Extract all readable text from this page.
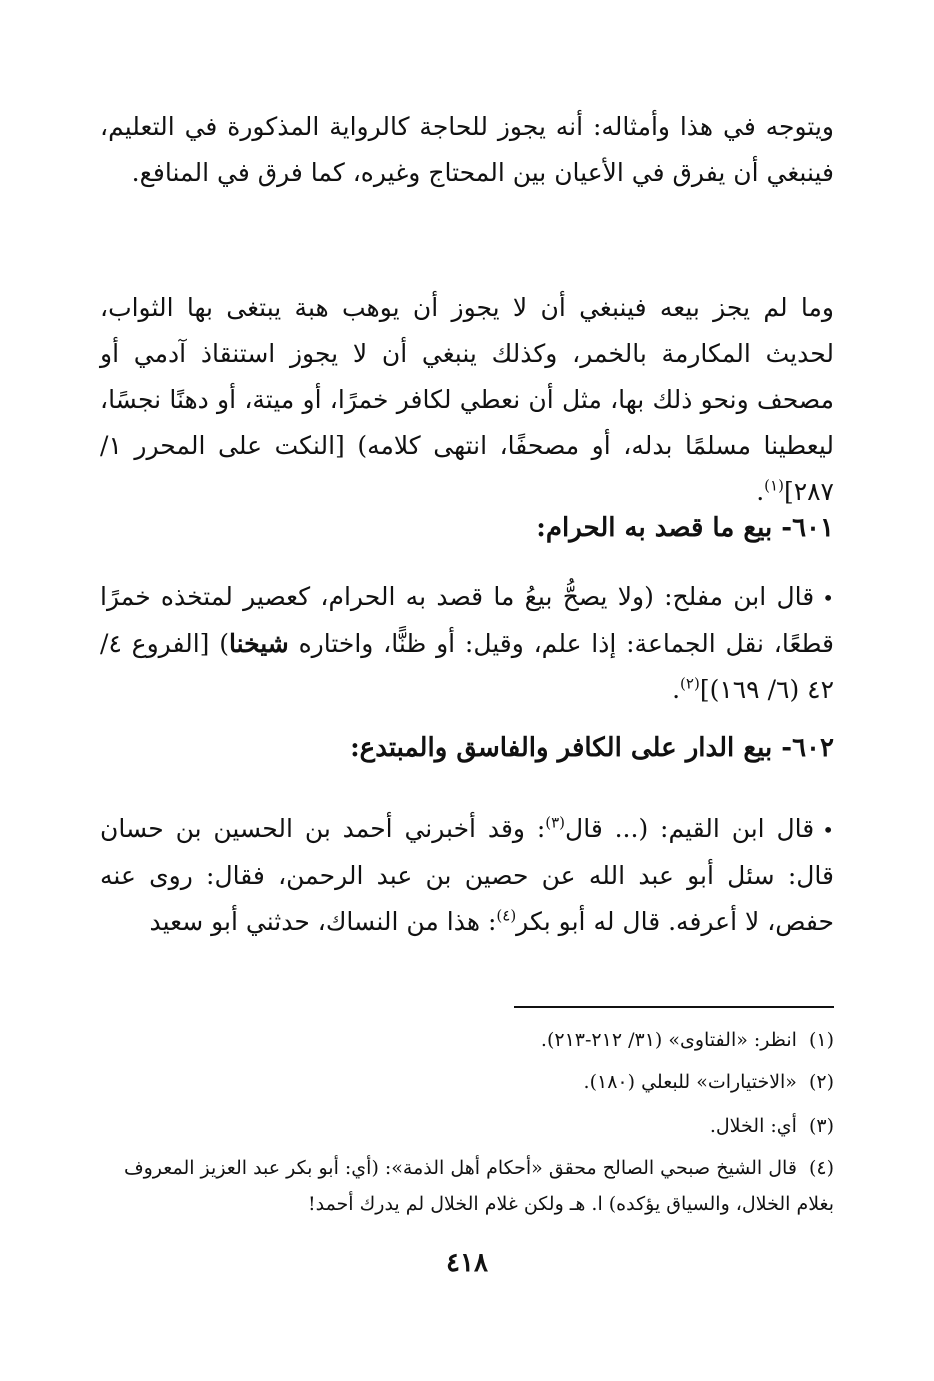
ويتوجه في هذا وأمثاله: أنه يجوز للحاجة كالرواية المذكورة في التعليم، فينبغي أن يفرق في الأعيان بين المحتاج وغيره، كما فرق في المنافع.

وما لم يجز بيعه فينبغي أن لا يجوز أن يوهب هبة يبتغى بها الثواب، لحديث المكارمة بالخمر، وكذلك ينبغي أن لا يجوز استنقاذ آدمي أو مصحف ونحو ذلك بها، مثل أن نعطي لكافر خمرًا، أو ميتة، أو دهنًا نجسًا، ليعطينا مسلمًا بدله، أو مصحفًا، انتهى كلامه) [النكت على المحرر ١/ ٢٨٧]$^{(١)}$.

٦٠١- بيع ما قصد به الحرام:

•قال ابن مفلح: (ولا يصحُّ بيعُ ما قصد به الحرام، كعصير لمتخذه خمرًا قطعًا، نقل الجماعة: إذا علم، وقيل: أو ظنًّا، واختاره شيخنا) [الفروع ٤/ ٤٢ (٦/ ١٦٩)]$^{(٢)}$.

٦٠٢- بيع الدار على الكافر والفاسق والمبتدع:

•قال ابن القيم: (... قال$^{(٣)}$: وقد أخبرني أحمد بن الحسين بن حسان قال: سئل أبو عبد الله عن حصين بن عبد الرحمن، فقال: روى عنه حفص، لا أعرفه. قال له أبو بكر$^{(٤)}$: هذا من النساك، حدثني أبو سعيد

(١)انظر: «الفتاوى» (٣١/ ٢١٢-٢١٣).
(٢)«الاختيارات» للبعلي (١٨٠).
(٣)أي: الخلال.
(٤)قال الشيخ صبحي الصالح محقق «أحكام أهل الذمة»: (أي: أبو بكر عبد العزيز المعروف بغلام الخلال، والسياق يؤكده) ا. هـ ولكن غلام الخلال لم يدرك أحمد!
٤١٨
